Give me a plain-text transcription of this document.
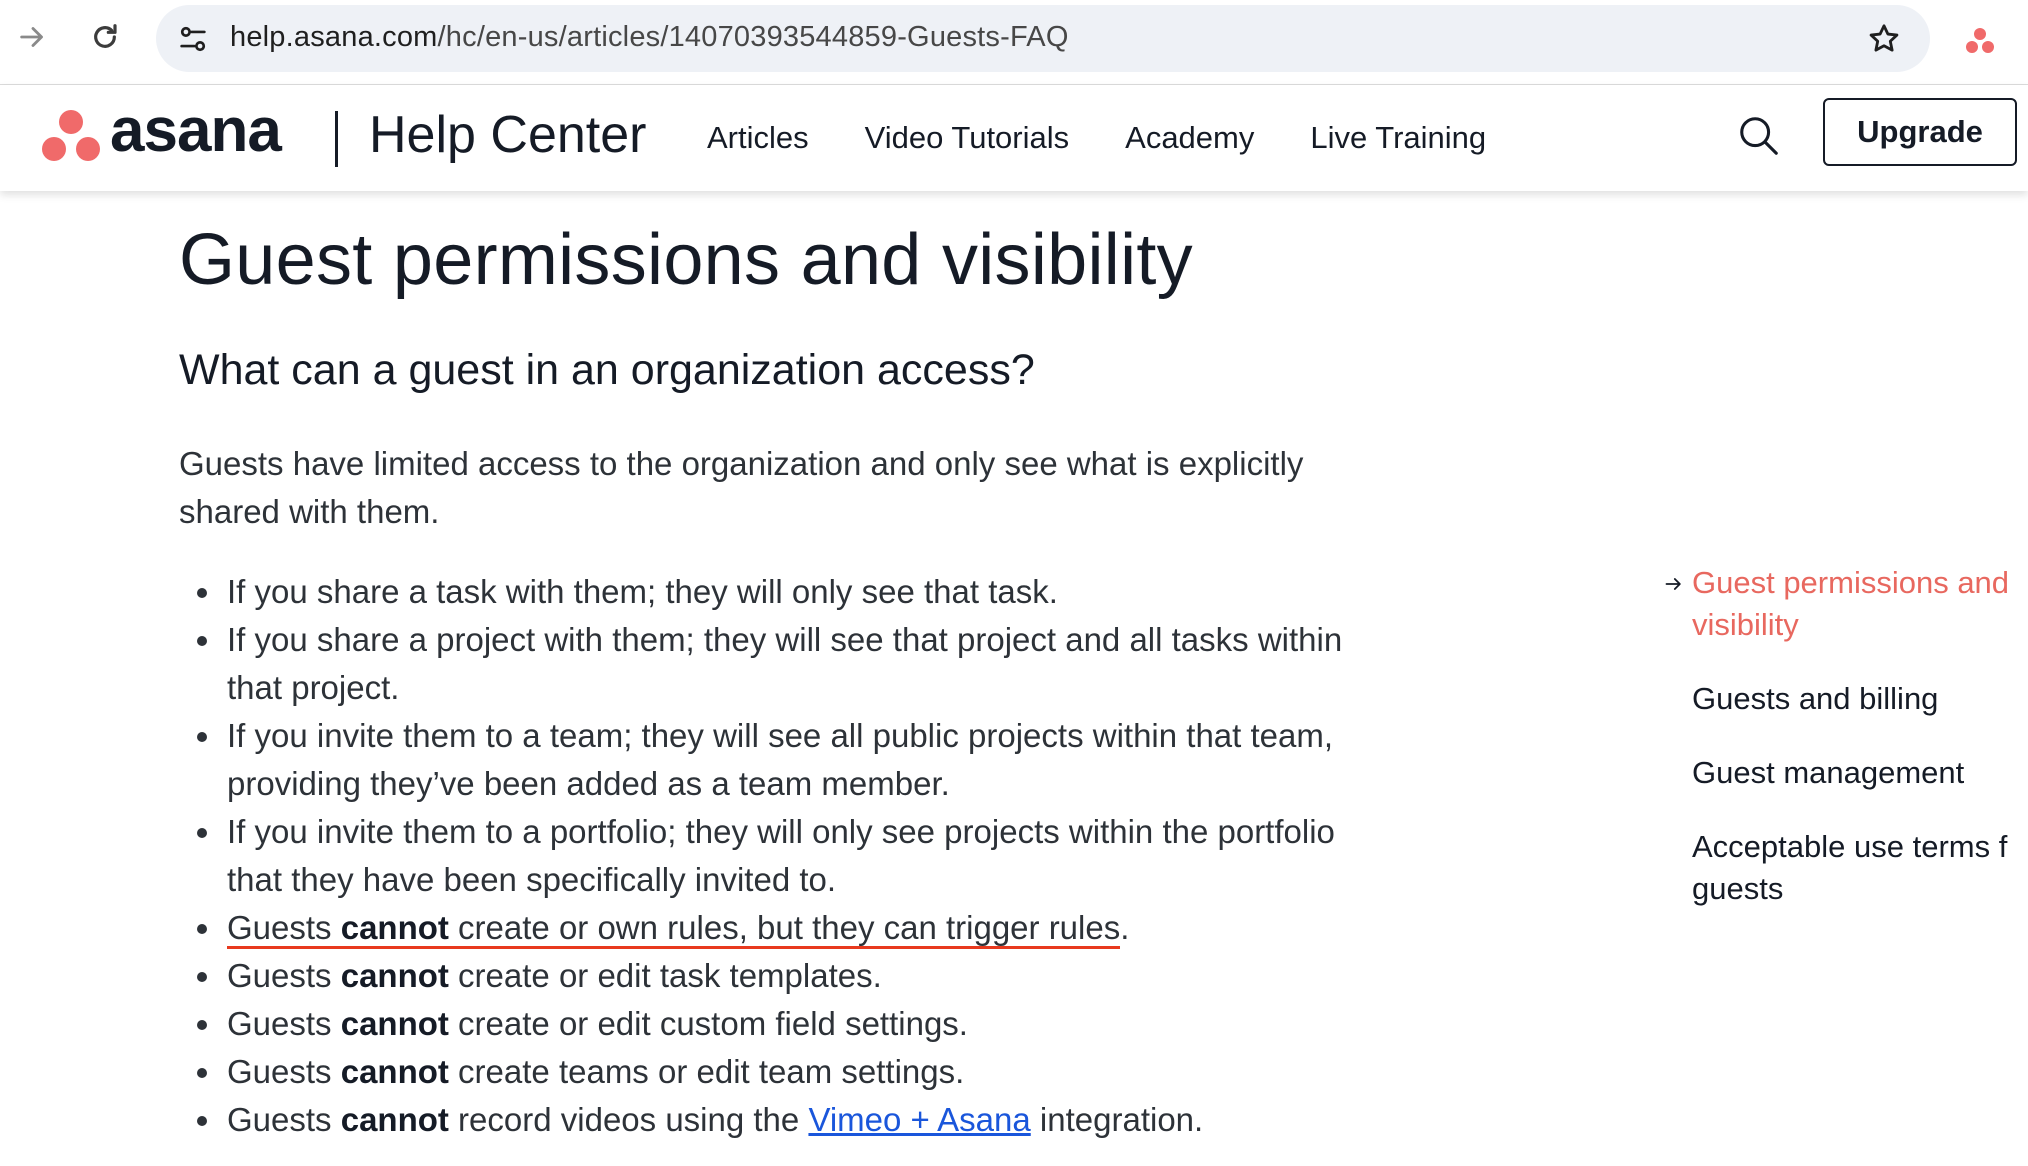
help.asana.com/hc/en-us/articles/14070393544859-Guests-FAQ
asana Help Center Articles Video Tutorials Academy Live Training	Upgrade
Guest permissions and visibility
What can a guest in an organization access?

Guests have limited access to the organization and only see what is explicitly
shared with them.

If you share a task with them; they will only see that task.
If you share a project with them; they will see that project and all tasks within
that project.
If you invite them to a team; they will see all public projects within that team,
providing they’ve been added as a team member.
If you invite them to a portfolio; they will only see projects within the portfolio
that they have been specifically invited to.
Guests cannot create or own rules, but they can trigger rules.
Guests cannot create or edit task templates.
Guests cannot create or edit custom field settings.
Guests cannot create teams or edit team settings.
Guests cannot record videos using the Vimeo + Asana integration.
Guest permissions and
visibility
Guests and billing
Guest management
Acceptable use terms f
guests
